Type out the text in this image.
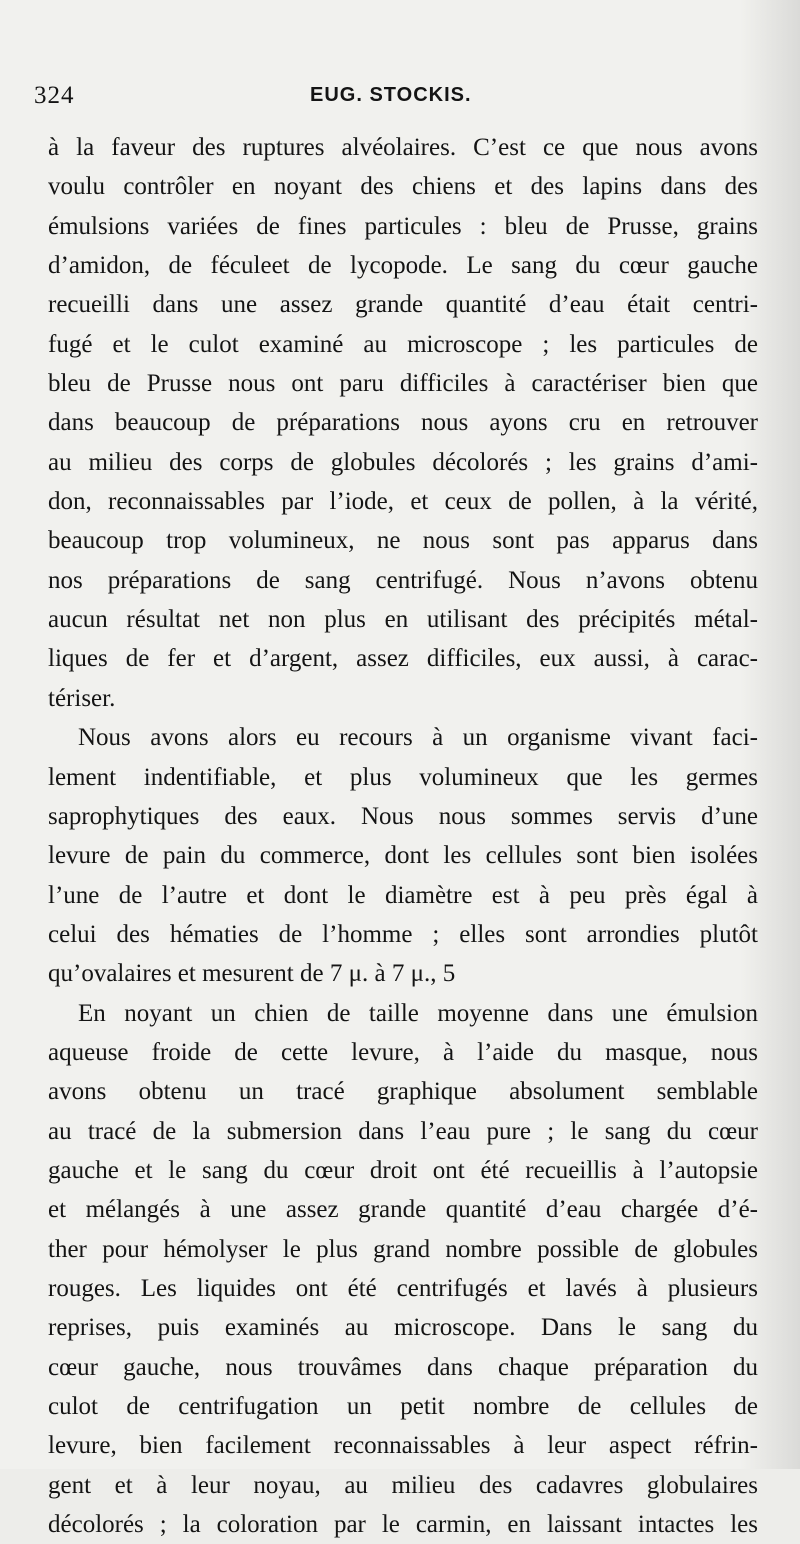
324	EUG. STOCKIS.
à la faveur des ruptures alvéolaires. C’est ce que nous avons
voulu contrôler en noyant des chiens et des lapins dans des
émulsions variées de fines particules : bleu de Prusse, grains
d’amidon, de féculeet de lycopode. Le sang du cœur gauche
recueilli dans une assez grande quantité d’eau était centri-
fugé et le culot examiné au microscope ; les particules de
bleu de Prusse nous ont paru difficiles à caractériser bien que
dans beaucoup de préparations nous ayons cru en retrouver
au milieu des corps de globules décolorés ; les grains d’ami-
don, reconnaissables par l’iode, et ceux de pollen, à la vérité,
beaucoup trop volumineux, ne nous sont pas apparus dans
nos préparations de sang centrifugé. Nous n’avons obtenu
aucun résultat net non plus en utilisant des précipités métal-
liques de fer et d’argent, assez difficiles, eux aussi, à carac-
tériser.
Nous avons alors eu recours à un organisme vivant faci-
lement indentifiable, et plus volumineux que les germes
saprophytiques des eaux. Nous nous sommes servis d’une
levure de pain du commerce, dont les cellules sont bien isolées
l’une de l’autre et dont le diamètre est à peu près égal à
celui des hématies de l’homme ; elles sont arrondies plutôt
qu’ovalaires et mesurent de 7 μ. à 7 μ., 5
En noyant un chien de taille moyenne dans une émulsion
aqueuse froide de cette levure, à l’aide du masque, nous
avons obtenu un tracé graphique absolument semblable
au tracé de la submersion dans l’eau pure ; le sang du cœur
gauche et le sang du cœur droit ont été recueillis à l’autopsie
et mélangés à une assez grande quantité d’eau chargée d’é-
ther pour hémolyser le plus grand nombre possible de globules
rouges. Les liquides ont été centrifugés et lavés à plusieurs
reprises, puis examinés au microscope. Dans le sang du
cœur gauche, nous trouvâmes dans chaque préparation du
culot de centrifugation un petit nombre de cellules de
levure, bien facilement reconnaissables à leur aspect réfrin-
gent et à leur noyau, au milieu des cadavres globulaires
décolorés ; la coloration par le carmin, en laissant intactes les
